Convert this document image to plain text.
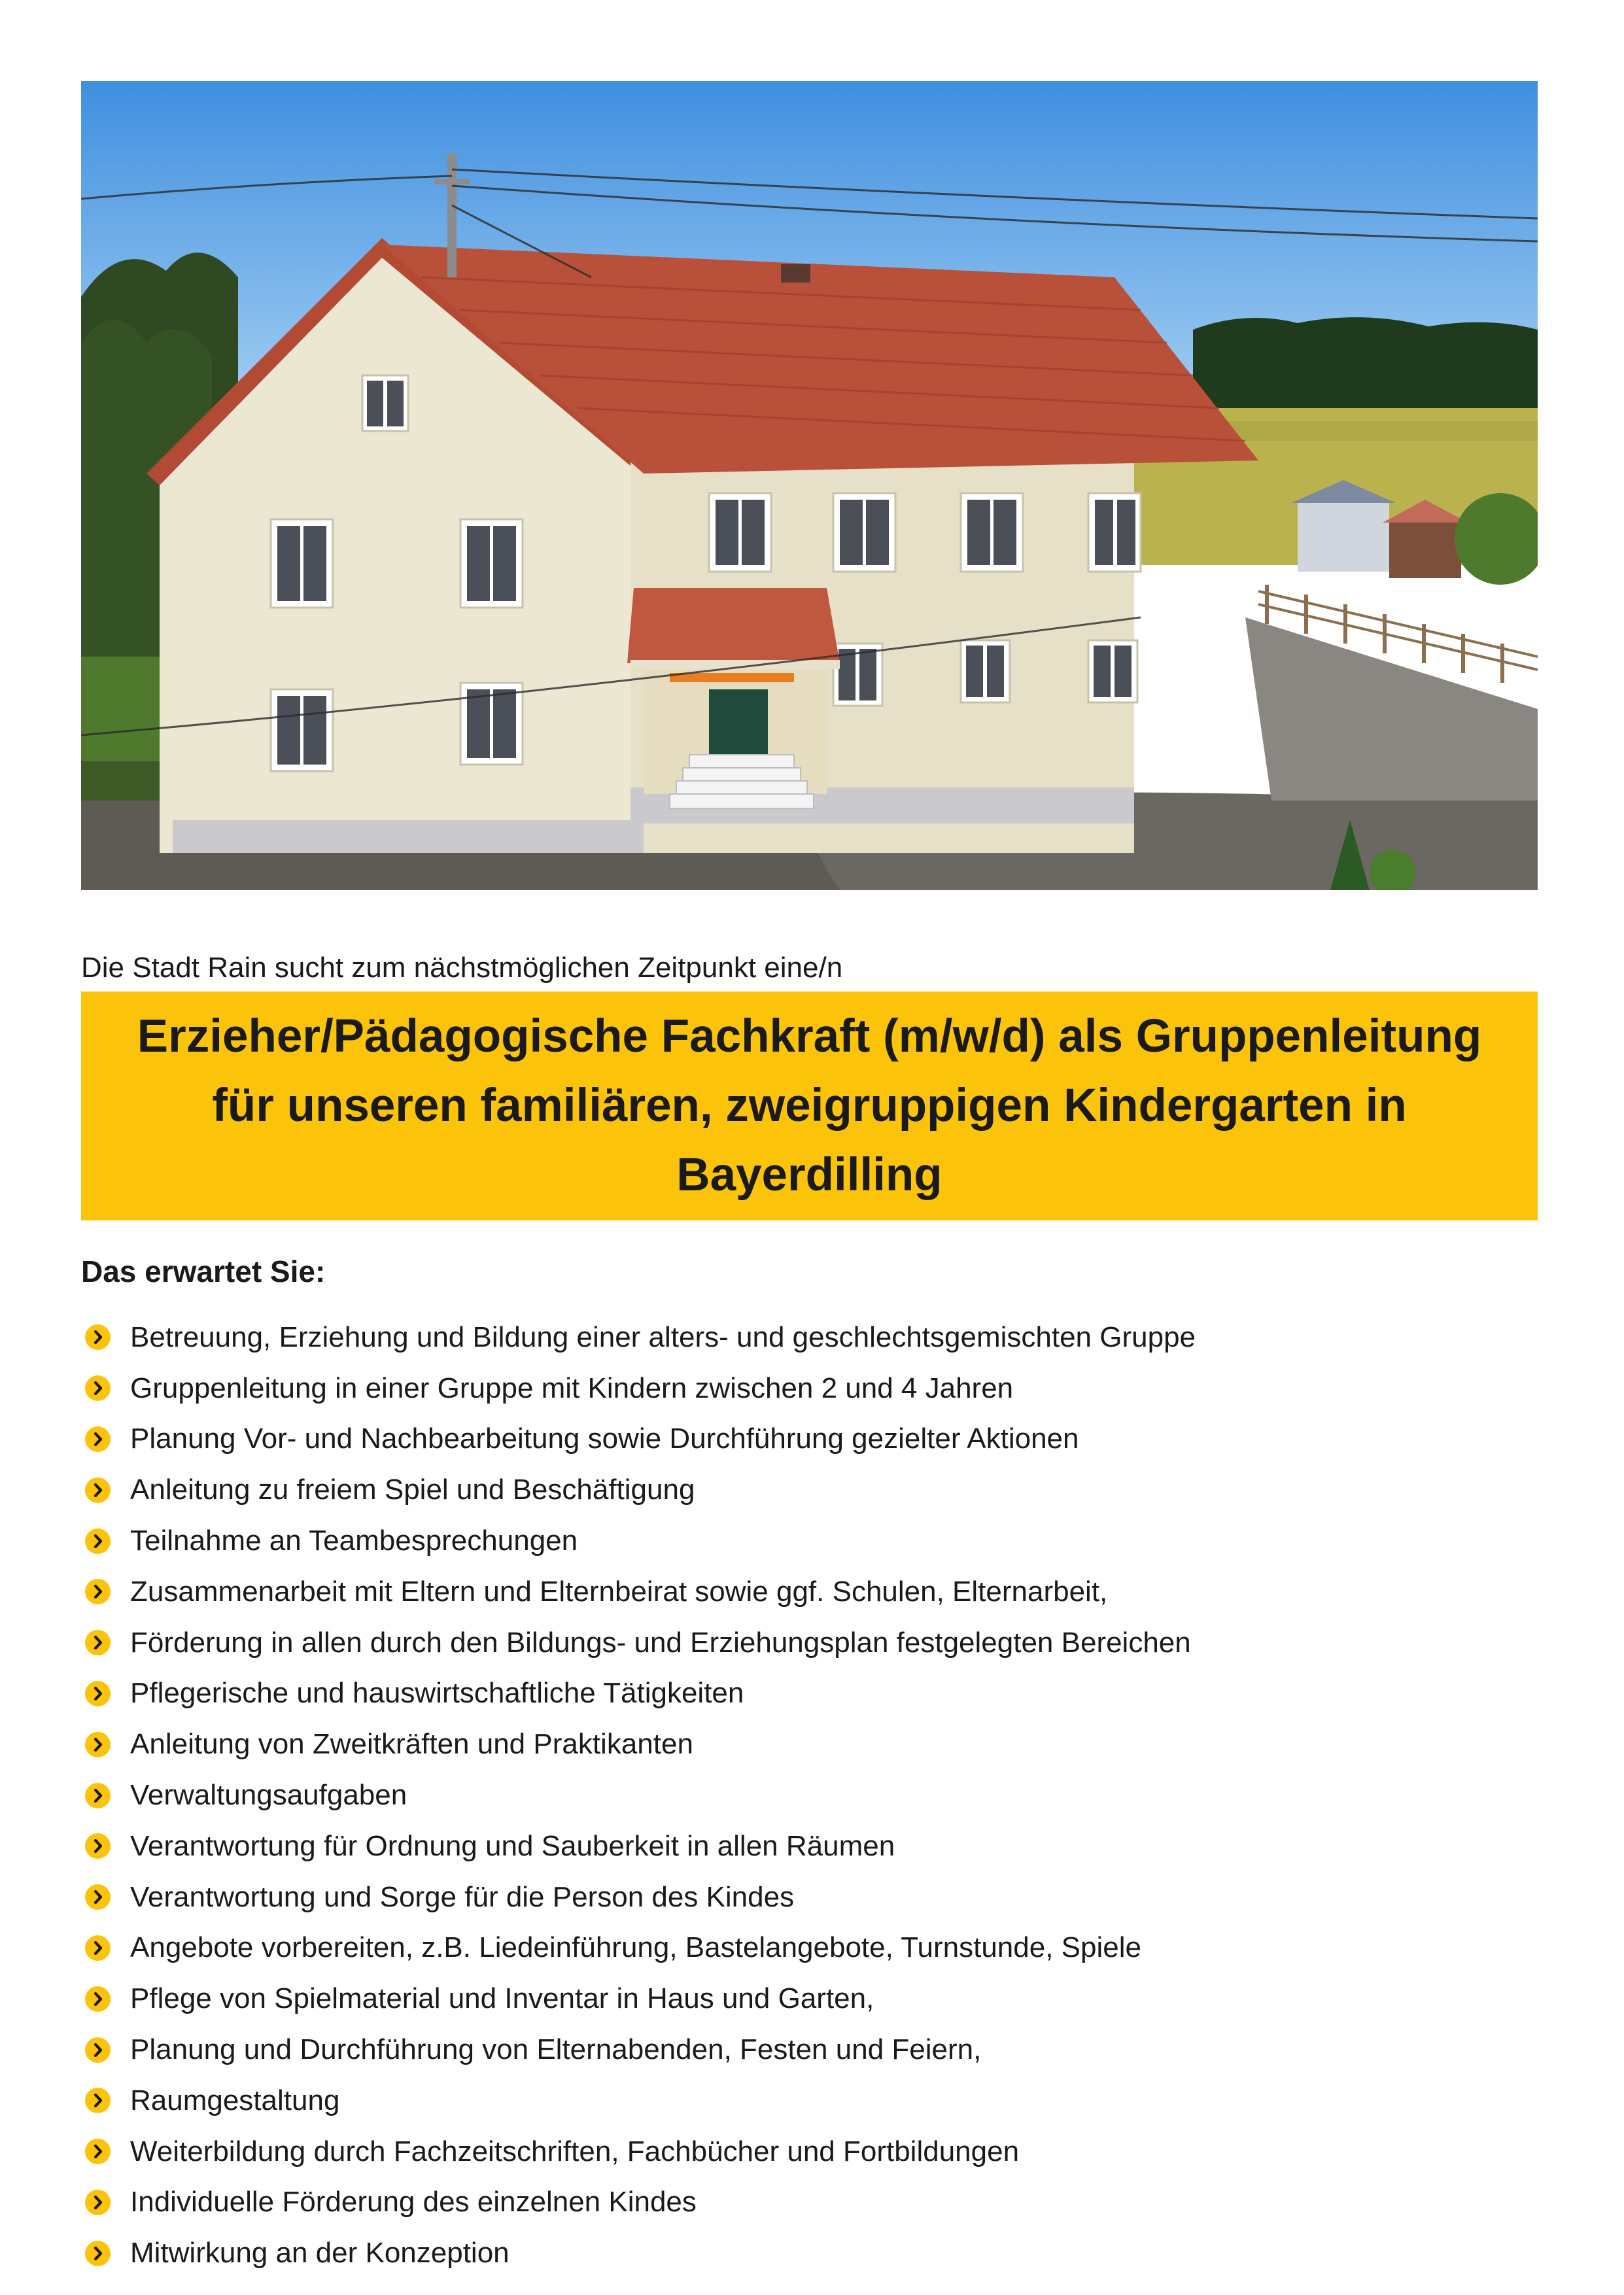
Die Stadt Rain sucht zum nächstmöglichen Zeitpunkt eine/n

Erzieher/Pädagogische Fachkraft (m/w/d) als Gruppenleitung für unseren familiären, zweigruppigen Kindergarten in Bayerdilling
Das erwartet Sie:
Betreuung, Erziehung und Bildung einer alters- und geschlechtsgemischten Gruppe
Gruppenleitung in einer Gruppe mit Kindern zwischen 2 und 4 Jahren
Planung Vor- und Nachbearbeitung sowie Durchführung gezielter Aktionen
Anleitung zu freiem Spiel und Beschäftigung
Teilnahme an Teambesprechungen
Zusammenarbeit mit Eltern und Elternbeirat sowie ggf. Schulen, Elternarbeit,
Förderung in allen durch den Bildungs- und Erziehungsplan festgelegten Bereichen
Pflegerische und hauswirtschaftliche Tätigkeiten
Anleitung von Zweitkräften und Praktikanten
Verwaltungsaufgaben
Verantwortung für Ordnung und Sauberkeit in allen Räumen
Verantwortung und Sorge für die Person des Kindes
Angebote vorbereiten, z.B. Liedeinführung, Bastelangebote, Turnstunde, Spiele
Pflege von Spielmaterial und Inventar in Haus und Garten,
Planung und Durchführung von Elternabenden, Festen und Feiern,
Raumgestaltung
Weiterbildung durch Fachzeitschriften, Fachbücher und Fortbildungen
Individuelle Förderung des einzelnen Kindes
Mitwirkung an der Konzeption
